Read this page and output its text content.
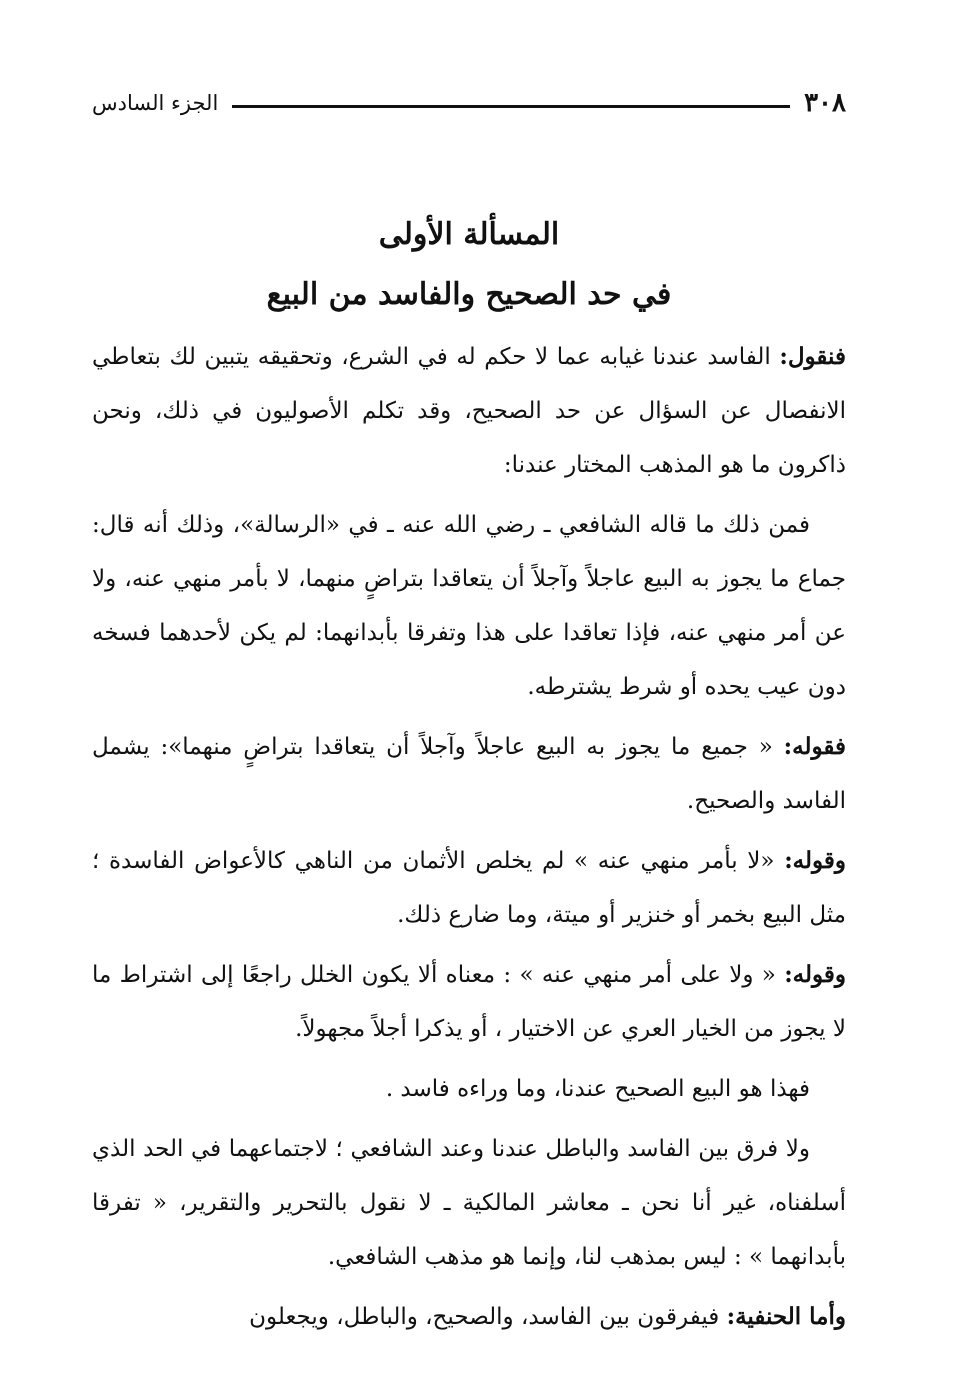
٣٠٨
الجزء السادس
المسألة الأولى
في حد الصحيح والفاسد من البيع

فنقول: الفاسد عندنا غيابه عما لا حكم له في الشرع، وتحقيقه يتبين لك بتعاطي الانفصال عن السؤال عن حد الصحيح، وقد تكلم الأصوليون في ذلك، ونحن ذاكرون ما هو المذهب المختار عندنا:

فمن ذلك ما قاله الشافعي ـ رضي الله عنه ـ في «الرسالة»، وذلك أنه قال: جماع ما يجوز به البيع عاجلاً وآجلاً أن يتعاقدا بتراضٍ منهما، لا بأمر منهي عنه، ولا عن أمر منهي عنه، فإذا تعاقدا على هذا وتفرقا بأبدانهما: لم يكن لأحدهما فسخه دون عيب يحده أو شرط يشترطه.

فقوله: « جميع ما يجوز به البيع عاجلاً وآجلاً أن يتعاقدا بتراضٍ منهما»: يشمل الفاسد والصحيح.

وقوله: «لا بأمر منهي عنه » لم يخلص الأثمان من الناهي كالأعواض الفاسدة ؛ مثل البيع بخمر أو خنزير أو ميتة، وما ضارع ذلك.

وقوله: « ولا على أمر منهي عنه » : معناه ألا يكون الخلل راجعًا إلى اشتراط ما لا يجوز من الخيار العري عن الاختيار ، أو يذكرا أجلاً مجهولاً.

فهذا هو البيع الصحيح عندنا، وما وراءه فاسد .

ولا فرق بين الفاسد والباطل عندنا وعند الشافعي ؛ لاجتماعهما في الحد الذي أسلفناه، غير أنا نحن ـ معاشر المالكية ـ لا نقول بالتحرير والتقرير، « تفرقا بأبدانهما » : ليس بمذهب لنا، وإنما هو مذهب الشافعي.

وأما الحنفية: فيفرقون بين الفاسد، والصحيح، والباطل، ويجعلون
